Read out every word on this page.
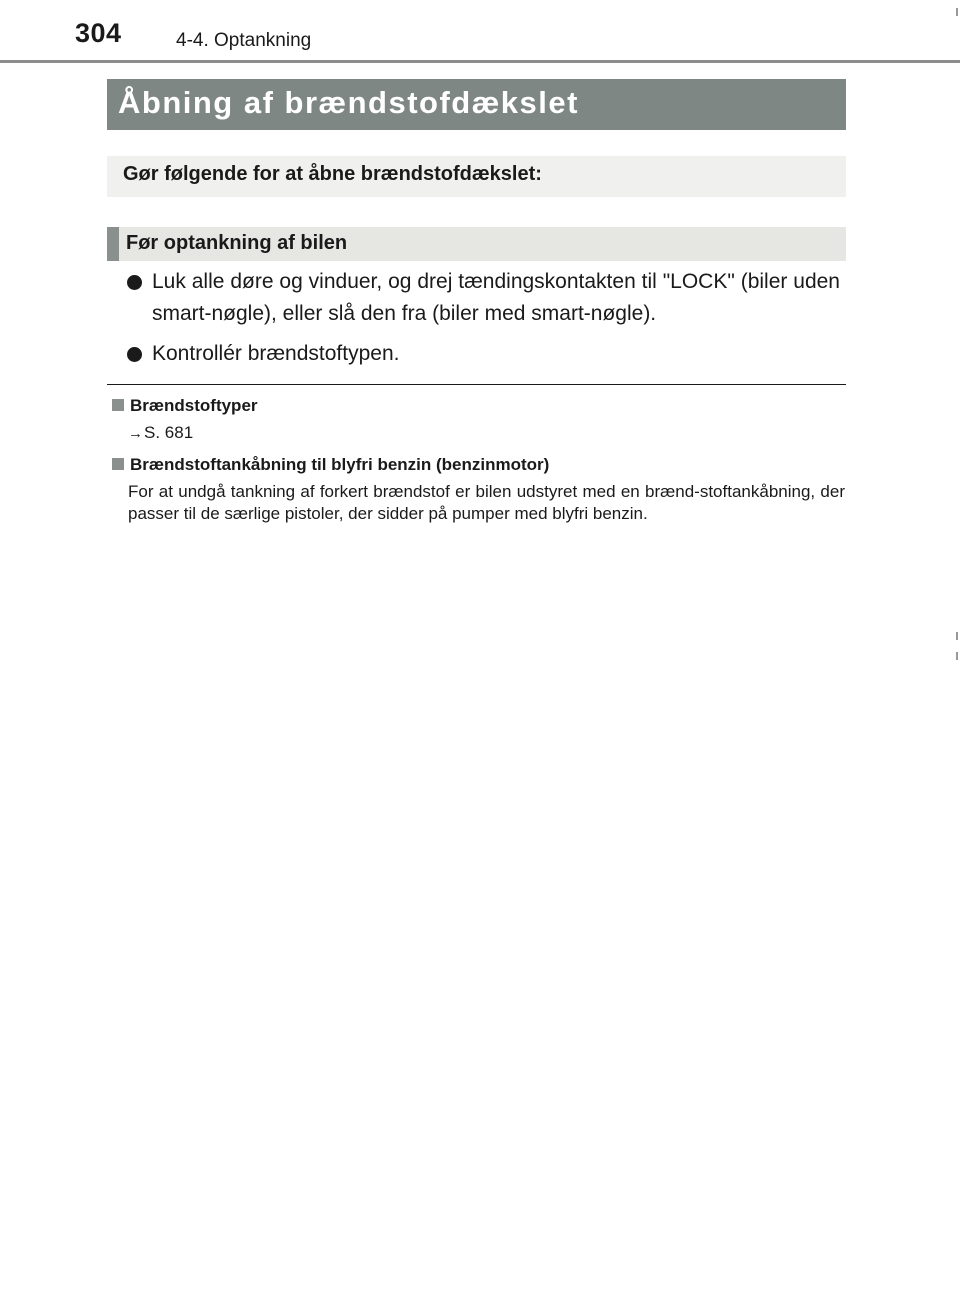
304	4-4. Optankning
Åbning af brændstofdækslet
Gør følgende for at åbne brændstofdækslet:
Før optankning af bilen
Luk alle døre og vinduer, og drej tændingskontakten til "LOCK" (biler uden smart-nøgle), eller slå den fra (biler med smart-nøgle).
Kontrollér brændstoftypen.
Brændstoftyper
→S. 681
Brændstoftankåbning til blyfri benzin (benzinmotor)
For at undgå tankning af forkert brændstof er bilen udstyret med en brænd-stoftankåbning, der passer til de særlige pistoler, der sidder på pumper med blyfri benzin.
